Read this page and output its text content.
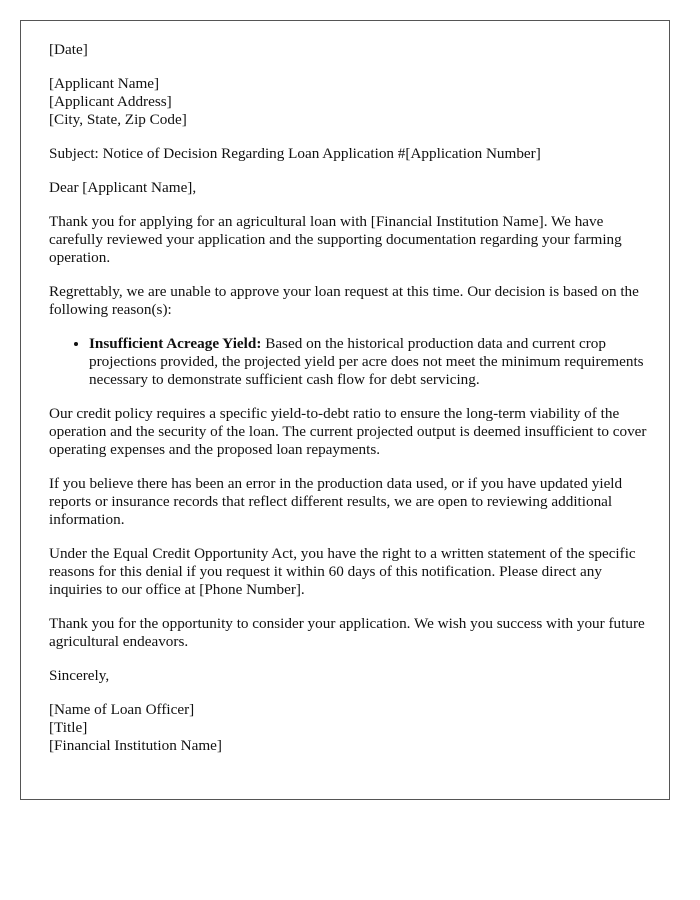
[Date]

[Applicant Name]

[Applicant Address]

[City, State, Zip Code]

Subject: Notice of Decision Regarding Loan Application #[Application Number]

Dear [Applicant Name],

Thank you for applying for an agricultural loan with [Financial Institution Name]. We have carefully reviewed your application and the supporting documentation regarding your farming operation.

Regrettably, we are unable to approve your loan request at this time. Our decision is based on the following reason(s):

• Insufficient Acreage Yield: Based on the historical production data and current crop projections provided, the projected yield per acre does not meet the minimum requirements necessary to demonstrate sufficient cash flow for debt servicing.

Our credit policy requires a specific yield-to-debt ratio to ensure the long-term viability of the operation and the security of the loan. The current projected output is deemed insufficient to cover operating expenses and the proposed loan repayments.

If you believe there has been an error in the production data used, or if you have updated yield reports or insurance records that reflect different results, we are open to reviewing additional information.

Under the Equal Credit Opportunity Act, you have the right to a written statement of the specific reasons for this denial if you request it within 60 days of this notification. Please direct any inquiries to our office at [Phone Number].

Thank you for the opportunity to consider your application. We wish you success with your future agricultural endeavors.

Sincerely,

[Name of Loan Officer]

[Title]

[Financial Institution Name]
